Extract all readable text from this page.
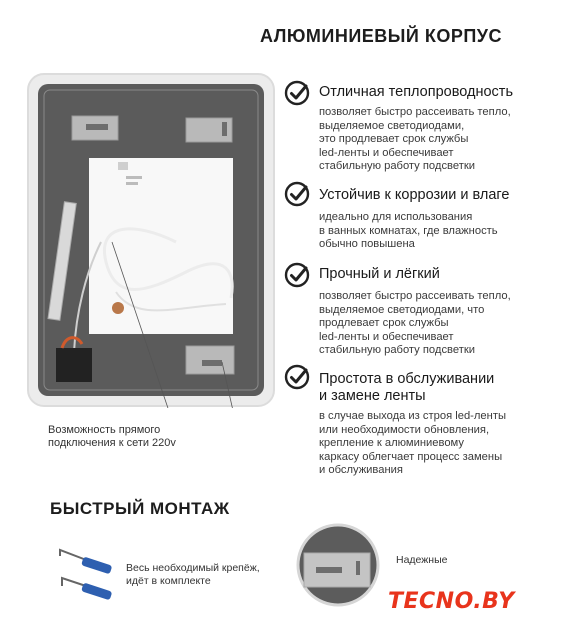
АЛЮМИНИЕВЫЙ КОРПУС
Отличная теплопроводность
позволяет быстро рассеивать тепло,
выделяемое светодиодами,
это продлевает срок службы
led-ленты и обеспечивает
стабильную работу подсветки
Устойчив к коррозии и влаге
идеально для использования
в ванных комнатах, где влажность
обычно повышена
Прочный и лёгкий
позволяет быстро рассеивать тепло,
выделяемое светодиодами, что
продлевает срок службы
led-ленты и обеспечивает
стабильную работу подсветки
Простота в обслуживании
и замене ленты
в случае выхода из строя led-ленты
или необходимости обновления,
крепление к алюминиевому
каркасу облегчает процесс замены
и обслуживания
Возможность прямого
подключения к сети 220v
БЫСТРЫЙ МОНТАЖ
Весь необходимый крепёж,
идёт в комплекте
Надежные
TECNO.BY
